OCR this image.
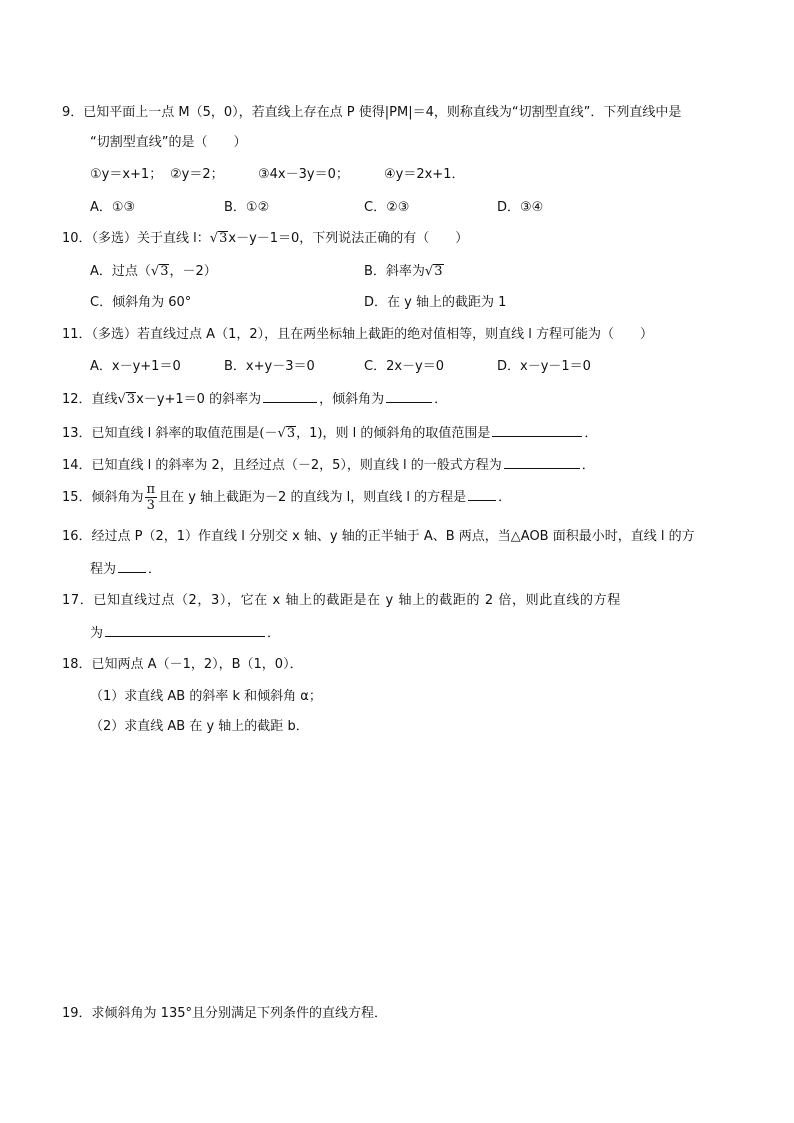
9．已知平面上一点 M（5，0），若直线上存在点 P 使得|PM|＝4，则称直线为“切割型直线”．下列直线中是
“切割型直线”的是（　　）
①y＝x+1； ②y＝2；	③4x－3y＝0；	④y＝2x+1．
A．①③	B．①②	C．②③	D．③④
10．（多选）关于直线 l：√3x－y－1＝0，下列说法正确的有（　　）
A．过点（√3，－2）	B．斜率为√3
C．倾斜角为 60°	D．在 y 轴上的截距为 1
11．（多选）若直线过点 A（1，2），且在两坐标轴上截距的绝对值相等，则直线 l 方程可能为（　　）
A．x－y+1＝0	B．x+y－3＝0	C．2x－y＝0	D．x－y－1＝0
12．直线√3x－y+1＝0 的斜率为	，倾斜角为	．
13．已知直线 l 斜率的取值范围是(－√3，1)，则 l 的倾斜角的取值范围是	．
14．已知直线 l 的斜率为 2，且经过点（－2，5），则直线 l 的一般式方程为	．
15．倾斜角为 $\frac{\pi}{3}$ 且在 y 轴上截距为－2 的直线为 l，则直线 l 的方程是 ．
16．经过点 P（2，1）作直线 l 分别交 x 轴、y 轴的正半轴于 A、B 两点，当△AOB 面积最小时，直线 l 的方
程为 ．
17．已知直线过点（2，3），它在 x 轴上的截距是在 y 轴上的截距的 2 倍，则此直线的方程
为	．
18．已知两点 A（－1，2），B（1，0）．
（1）求直线 AB 的斜率 k 和倾斜角 α；
（2）求直线 AB 在 y 轴上的截距 b．
19．求倾斜角为 135°且分别满足下列条件的直线方程．
